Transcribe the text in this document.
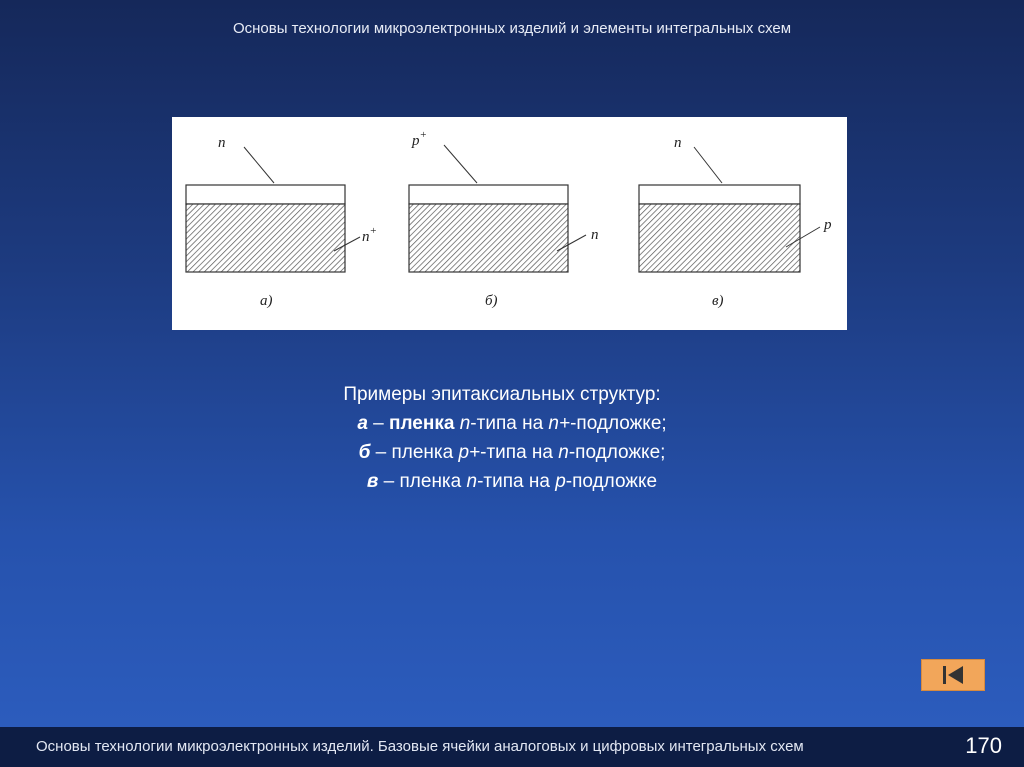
Основы технологии микроэлектронных изделий и элементы интегральных схем
n
n+
а)
p+
n
б)
n
p
в)
Примеры эпитаксиальных структур:
а – пленка n-типа на n+-подложке;
б – пленка p+-типа на n-подложке;
в – пленка n-типа на p-подложке
Основы технологии микроэлектронных изделий. Базовые ячейки аналоговых и цифровых интегральных схем	170
